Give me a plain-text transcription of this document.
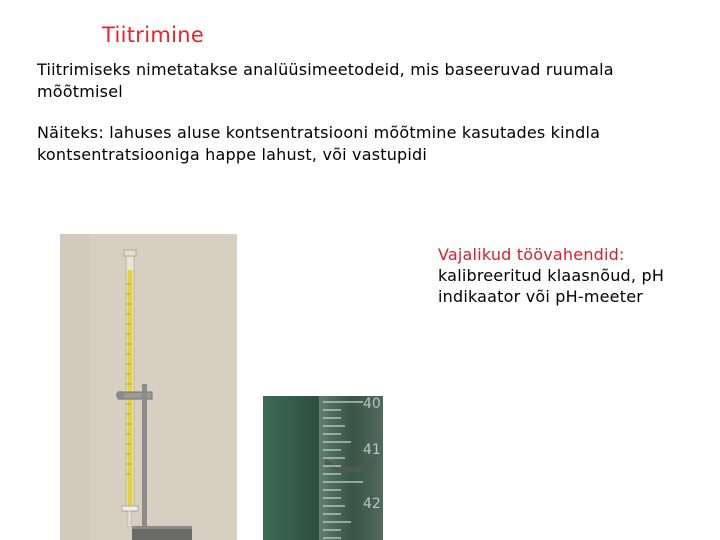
Tiitrimine
Tiitrimiseks nimetatakse analüüsimeetodeid, mis baseeruvad ruumala mõõtmisel
Näiteks: lahuses aluse kontsentratsiooni mõõtmine kasutades kindla kontsentratsiooniga happe lahust, või vastupidi
Vajalikud töövahendid:
kalibreeritud klaasnõud, pH indikaator või pH-meeter
40
41
42
